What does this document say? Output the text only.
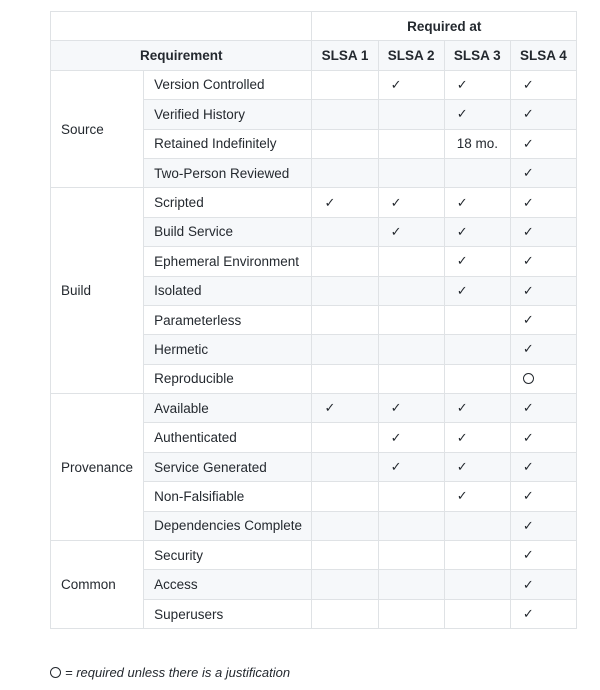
		Required at			
Requirement		SLSA 1	SLSA 2	SLSA 3	SLSA 4
Source	Version Controlled		✓	✓	✓
	Verified History			✓	✓
	Retained Indefinitely			18 mo.	✓
	Two-Person Reviewed				✓
Build	Scripted	✓	✓	✓	✓
	Build Service		✓	✓	✓
	Ephemeral Environment			✓	✓
	Isolated			✓	✓
	Parameterless				✓
	Hermetic				✓
	Reproducible				
Provenance	Available	✓	✓	✓	✓
	Authenticated		✓	✓	✓
	Service Generated		✓	✓	✓
	Non-Falsifiable			✓	✓
	Dependencies Complete				✓
Common	Security				✓
	Access				✓
	Superusers				✓
= required unless there is a justification
